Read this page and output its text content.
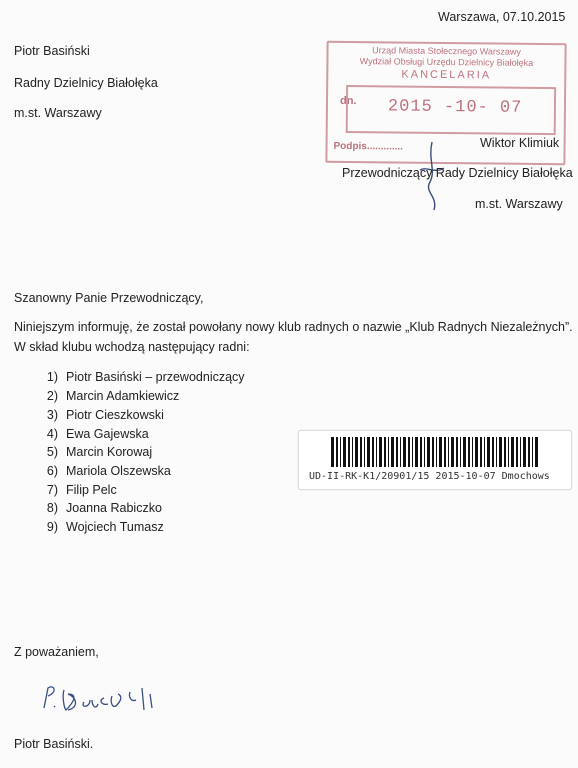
Warszawa, 07.10.2015
Piotr Basiński
Radny Dzielnicy Białołęka
m.st. Warszawy
Urząd Miasta Stołecznego Warszawy
Wydział Obsługi Urzędu Dzielnicy Białołęka
KANCELARIA
dn. 2015 -10- 07
Podpis.............	Wiktor Klimiuk
Przewodniczący Rady Dzielnicy Białołęka
m.st. Warszawy
Szanowny Panie Przewodniczący,
Niniejszym informuję, że został powołany nowy klub radnych o nazwie „Klub Radnych Niezależnych”.
W skład klubu wchodzą następujący radni:
1) Piotr Basiński – przewodniczący
2) Marcin Adamkiewicz
3) Piotr Cieszkowski
4) Ewa Gajewska
5) Marcin Korowaj
6) Mariola Olszewska
7) Filip Pelc
8) Joanna Rabiczko
9) Wojciech Tumasz
UD-II-RK-K1/20901/15 2015-10-07 Dmochows
Z poważaniem,
Piotr Basiński.
